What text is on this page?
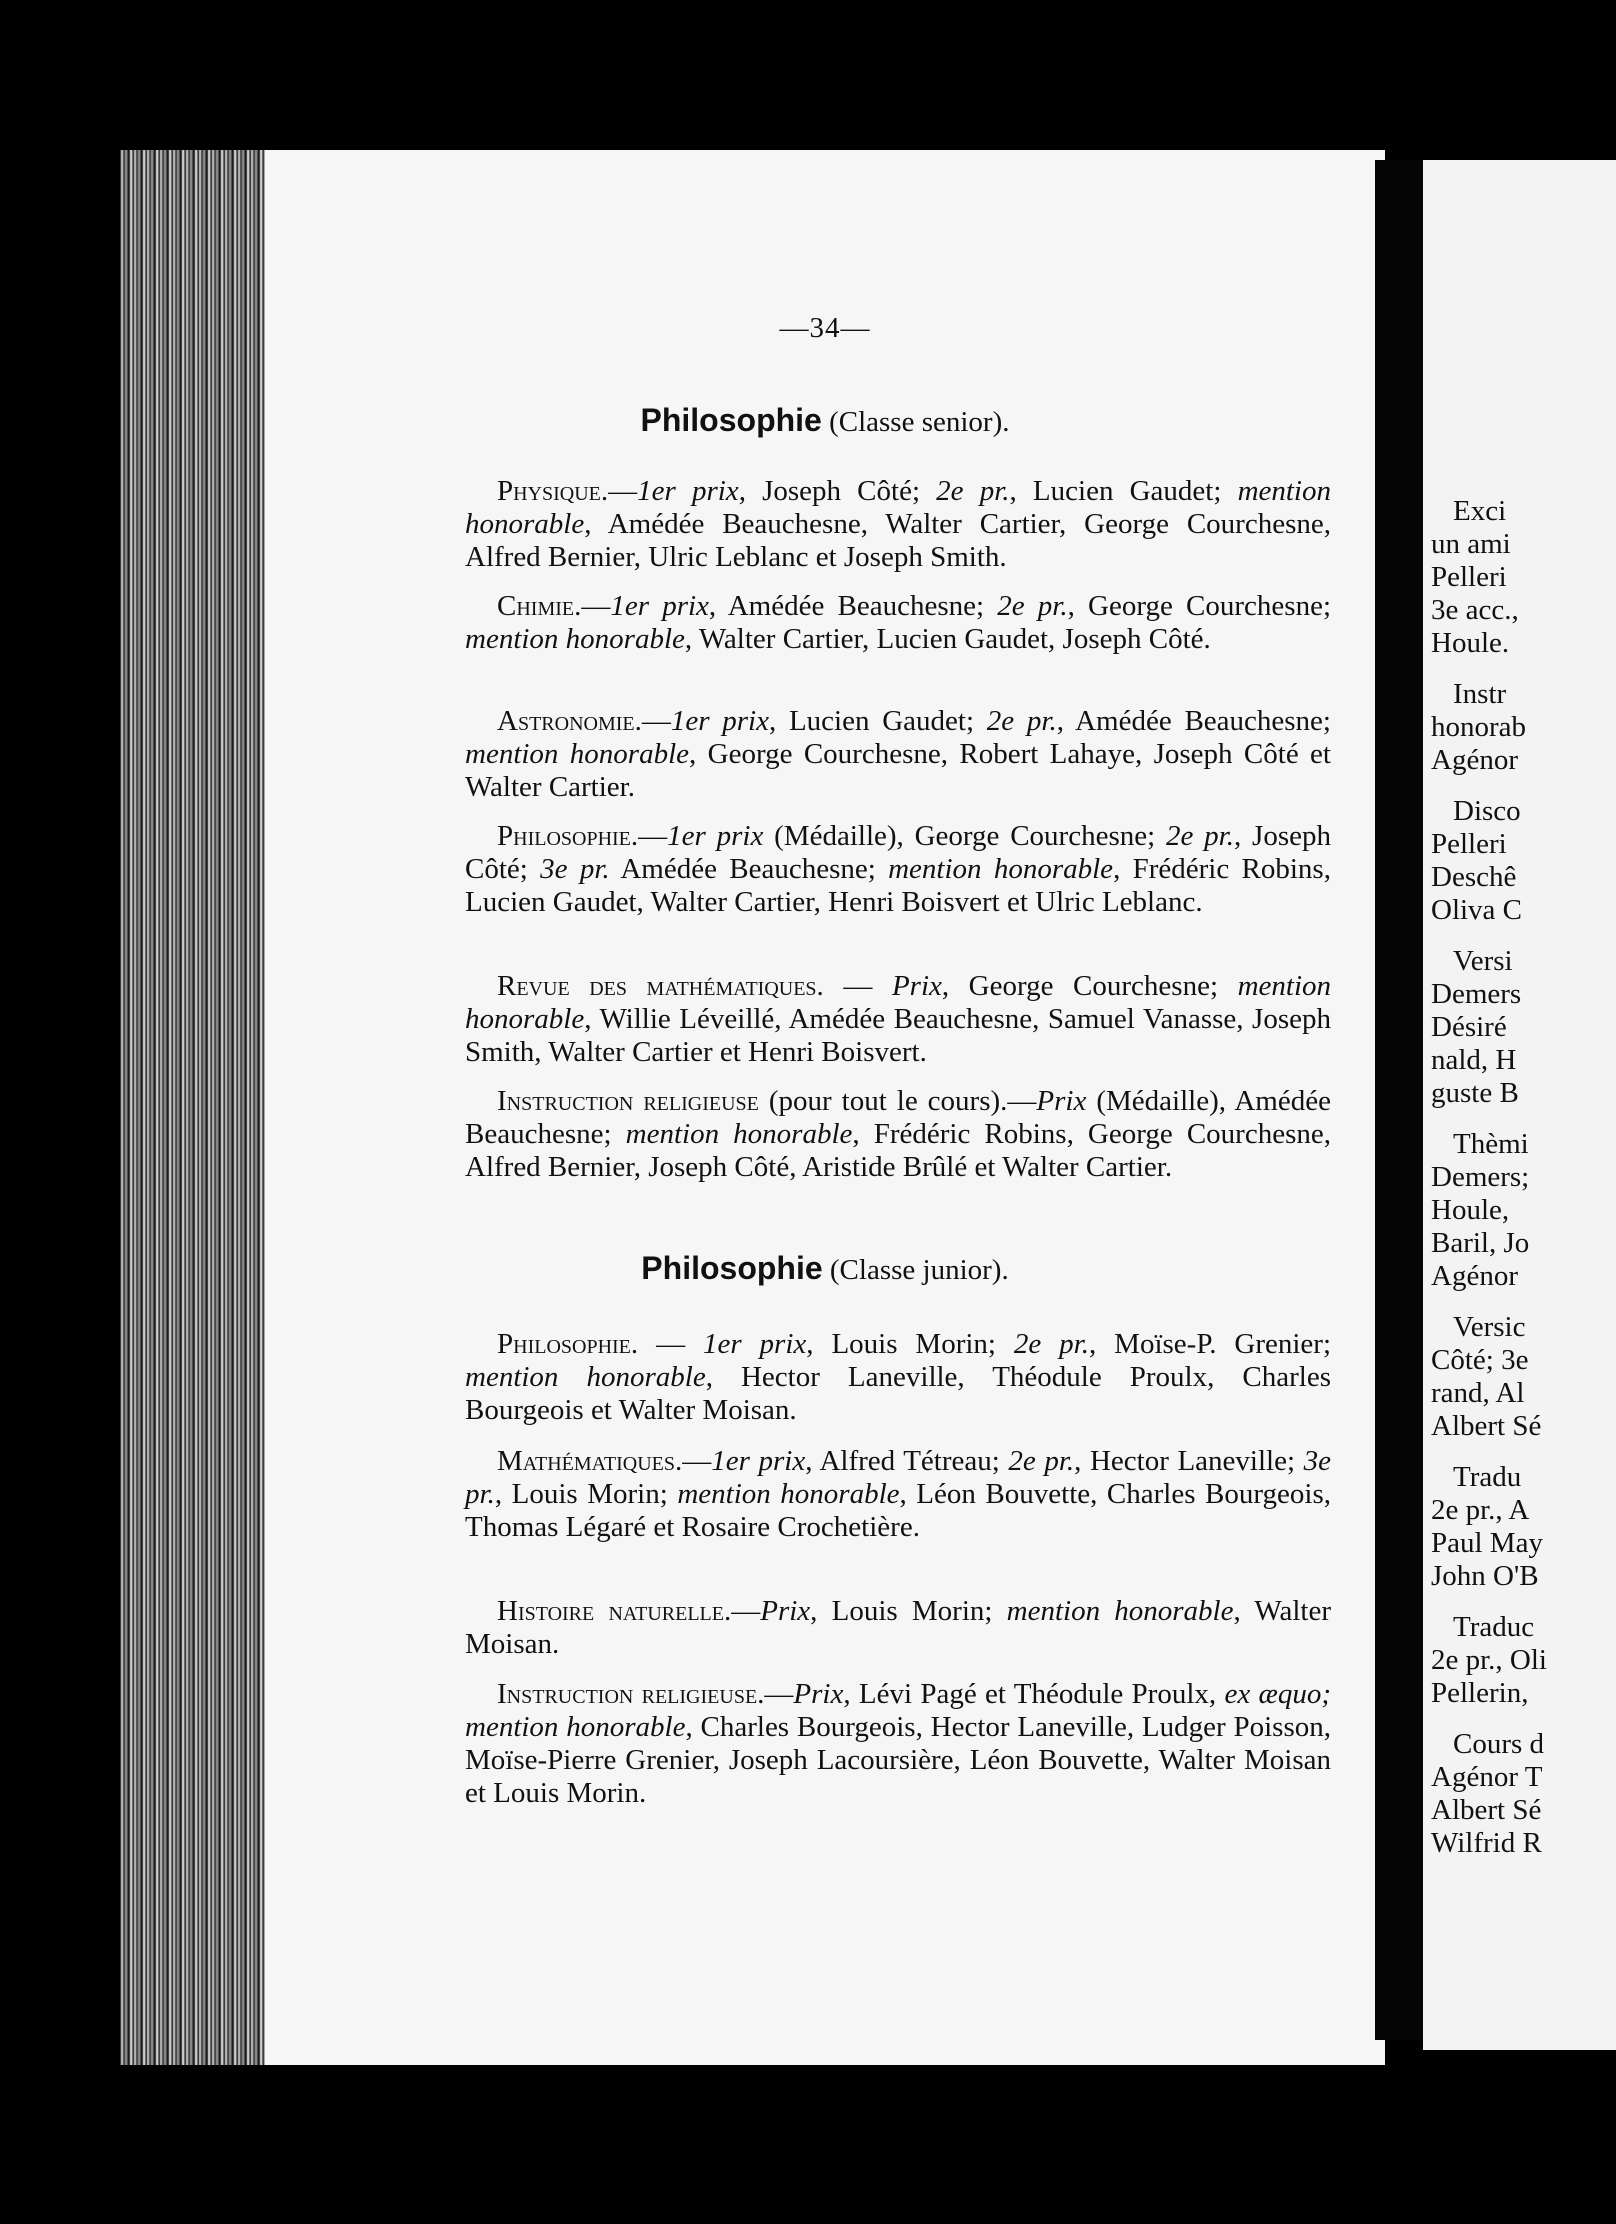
—34—
Philosophie (Classe senior).

Physique.—1er prix, Joseph Côté; 2e pr., Lucien Gaudet; mention honorable, Amédée Beauchesne, Walter Cartier, George Courchesne, Alfred Bernier, Ulric Leblanc et Joseph Smith.

Chimie.—1er prix, Amédée Beauchesne; 2e pr., George Courchesne; mention honorable, Walter Cartier, Lucien Gaudet, Joseph Côté.

Astronomie.—1er prix, Lucien Gaudet; 2e pr., Amédée Beauchesne; mention honorable, George Courchesne, Robert Lahaye, Joseph Côté et Walter Cartier.

Philosophie.—1er prix (Médaille), George Courchesne; 2e pr., Joseph Côté; 3e pr. Amédée Beauchesne; mention honorable, Frédéric Robins, Lucien Gaudet, Walter Cartier, Henri Boisvert et Ulric Leblanc.

Revue des mathématiques. — Prix, George Courchesne; mention honorable, Willie Léveillé, Amédée Beauchesne, Samuel Vanasse, Joseph Smith, Walter Cartier et Henri Boisvert.

Instruction religieuse (pour tout le cours).—Prix (Médaille), Amédée Beauchesne; mention honorable, Frédéric Robins, George Courchesne, Alfred Bernier, Joseph Côté, Aristide Brûlé et Walter Cartier.

Philosophie (Classe junior).

Philosophie. — 1er prix, Louis Morin; 2e pr., Moïse-P. Grenier; mention honorable, Hector Laneville, Théodule Proulx, Charles Bourgeois et Walter Moisan.

Mathématiques.—1er prix, Alfred Tétreau; 2e pr., Hector Laneville; 3e pr., Louis Morin; mention honorable, Léon Bouvette, Charles Bourgeois, Thomas Légaré et Rosaire Crochetière.

Histoire naturelle.—Prix, Louis Morin; mention honorable, Walter Moisan.

Instruction religieuse.—Prix, Lévi Pagé et Théodule Proulx, ex æquo; mention honorable, Charles Bourgeois, Hector Laneville, Ludger Poisson, Moïse-Pierre Grenier, Joseph Lacoursière, Léon Bouvette, Walter Moisan et Louis Morin.

Exci
un ami
Pelleri
3e acc.,
Houle.
Instr
honorab
Agénor
Disco
Pelleri
Deschê
Oliva C
Versi
Demers
Désiré
nald, H
guste B
Thèmi
Demers;
Houle,
Baril, Jo
Agénor
Versic
Côté; 3e
rand, Al
Albert Sé
Tradu
2e pr., A
Paul May
John O'B
Traduc
2e pr., Oli
Pellerin,
Cours d
Agénor T
Albert Sé
Wilfrid R
